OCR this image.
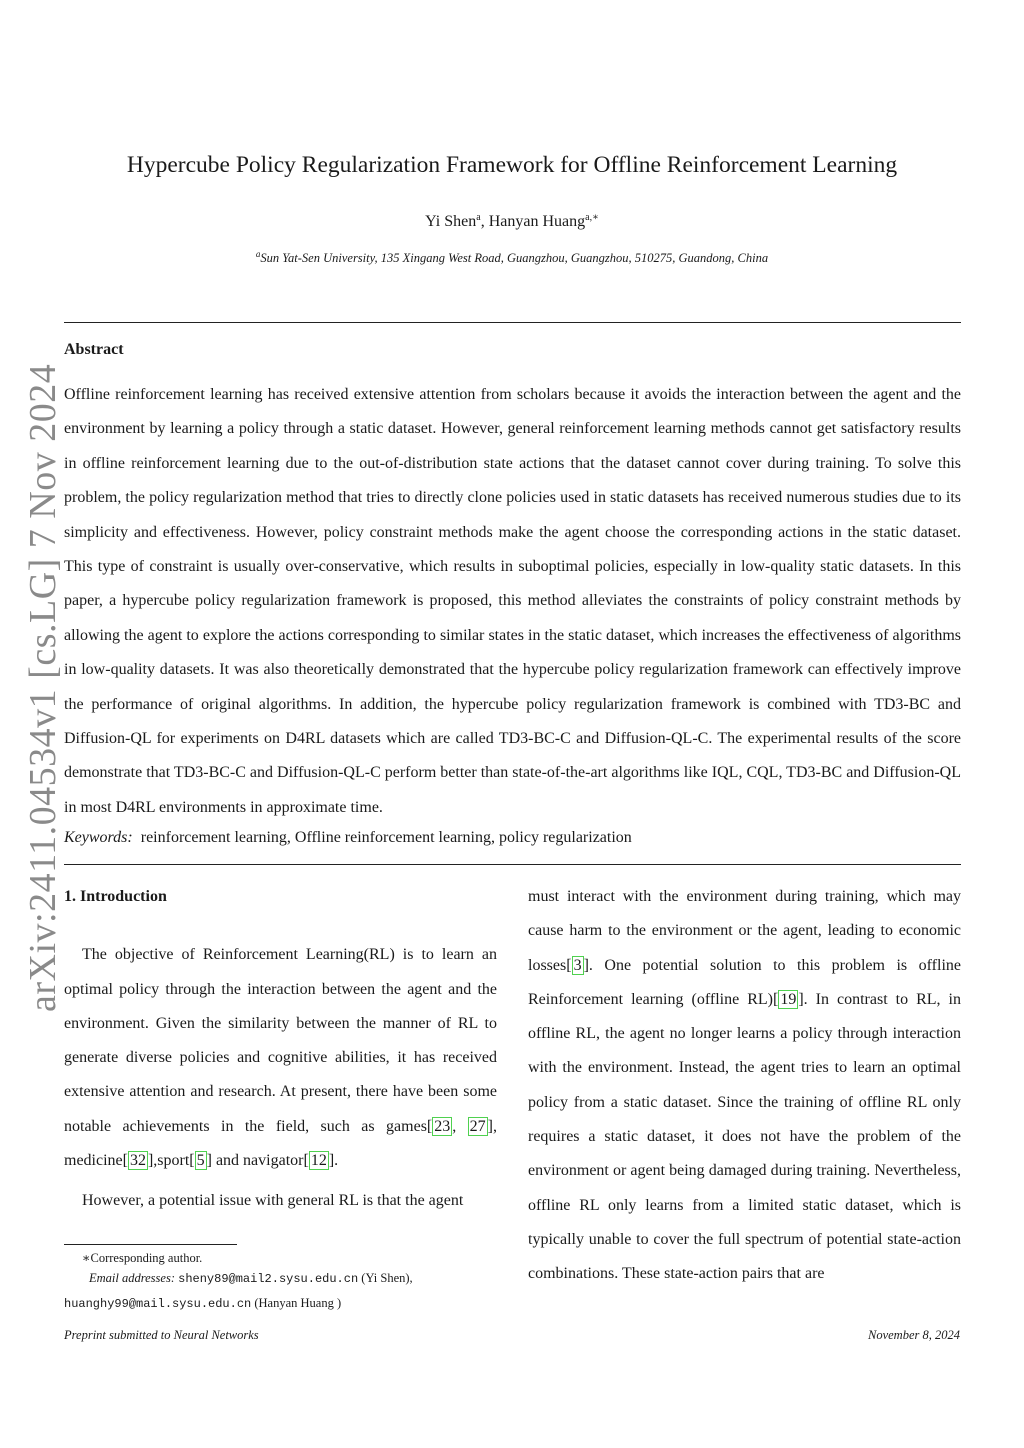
arXiv:2411.04534v1 [cs.LG] 7 Nov 2024
Hypercube Policy Regularization Framework for Offline Reinforcement Learning
Yi Shen$^a$, Hanyan Huang$^{a,∗}$
$^a$Sun Yat-Sen University, 135 Xingang West Road, Guangzhou, Guangzhou, 510275, Guandong, China
Abstract

Offline reinforcement learning has received extensive attention from scholars because it avoids the interaction between the agent and the environment by learning a policy through a static dataset. However, general reinforcement learning methods cannot get satisfactory results in offline reinforcement learning due to the out-of-distribution state actions that the dataset cannot cover during training. To solve this problem, the policy regularization method that tries to directly clone policies used in static datasets has received numerous studies due to its simplicity and effectiveness. However, policy constraint methods make the agent choose the corresponding actions in the static dataset. This type of constraint is usually over-conservative, which results in suboptimal policies, especially in low-quality static datasets. In this paper, a hypercube policy regularization framework is proposed, this method alleviates the constraints of policy constraint methods by allowing the agent to explore the actions corresponding to similar states in the static dataset, which increases the effectiveness of algorithms in low-quality datasets. It was also theoretically demonstrated that the hypercube policy regularization framework can effectively improve the performance of original algorithms. In addition, the hypercube policy regularization framework is combined with TD3-BC and Diffusion-QL for experiments on D4RL datasets which are called TD3-BC-C and Diffusion-QL-C. The experimental results of the score demonstrate that TD3-BC-C and Diffusion-QL-C perform better than state-of-the-art algorithms like IQL, CQL, TD3-BC and Diffusion-QL in most D4RL environments in approximate time.

Keywords: reinforcement learning, Offline reinforcement learning, policy regularization
1. Introduction

The objective of Reinforcement Learning(RL) is to learn an optimal policy through the interaction between the agent and the environment. Given the similarity between the manner of RL to generate diverse policies and cognitive abilities, it has received extensive attention and research. At present, there have been some notable achievements in the field, such as games[ 23 , 27 ], medicine[ 32 ],sport[ 5 ] and navigator[ 12 ].

However, a potential issue with general RL is that the agent

must interact with the environment during training, which may cause harm to the environment or the agent, leading to economic losses[ 3 ]. One potential solution to this problem is offline Reinforcement learning (offline RL)[ 19 ]. In contrast to RL, in offline RL, the agent no longer learns a policy through interaction with the environment. Instead, the agent tries to learn an optimal policy from a static dataset. Since the training of offline RL only requires a static dataset, it does not have the problem of the environment or agent being damaged during training. Nevertheless, offline RL only learns from a limited static dataset, which is typically unable to cover the full spectrum of potential state-action combinations. These state-action pairs that are

∗Corresponding author.
Email addresses: sheny89@mail2.sysu.edu.cn (Yi Shen),
huanghy99@mail.sysu.edu.cn (Hanyan Huang )
Preprint submitted to Neural Networks	November 8, 2024
